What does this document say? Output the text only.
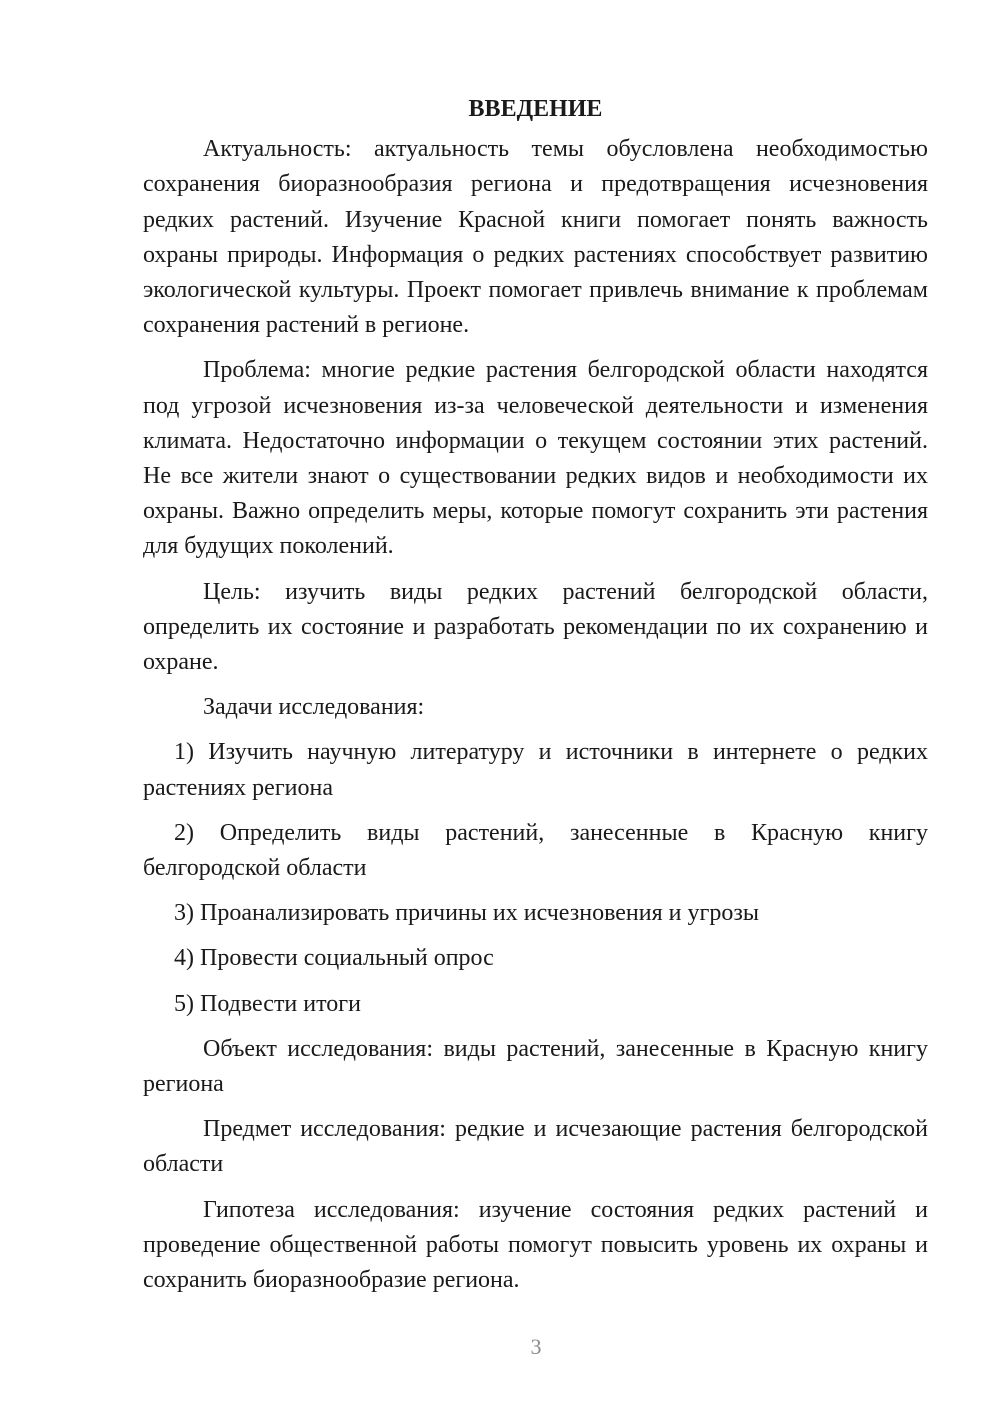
ВВЕДЕНИЕ

Актуальность: актуальность темы обусловлена необходимостью сохранения биоразнообразия региона и предотвращения исчезновения редких растений. Изучение Красной книги помогает понять важность охраны природы. Информация о редких растениях способствует развитию экологической культуры. Проект помогает привлечь внимание к проблемам сохранения растений в регионе.

Проблема: многие редкие растения белгородской области находятся под угрозой исчезновения из-за человеческой деятельности и изменения климата. Недостаточно информации о текущем состоянии этих растений. Не все жители знают о существовании редких видов и необходимости их охраны. Важно определить меры, которые помогут сохранить эти растения для будущих поколений.

Цель: изучить виды редких растений белгородской области, определить их состояние и разработать рекомендации по их сохранению и охране.

Задачи исследования:

1) Изучить научную литературу и источники в интернете о редких растениях региона

2) Определить виды растений, занесенные в Красную книгу белгородской области

3) Проанализировать причины их исчезновения и угрозы

4) Провести социальный опрос

5) Подвести итоги

Объект исследования: виды растений, занесенные в Красную книгу региона

Предмет исследования: редкие и исчезающие растения белгородской области

Гипотеза исследования: изучение состояния редких растений и проведение общественной работы помогут повысить уровень их охраны и сохранить биоразнообразие региона.

3
